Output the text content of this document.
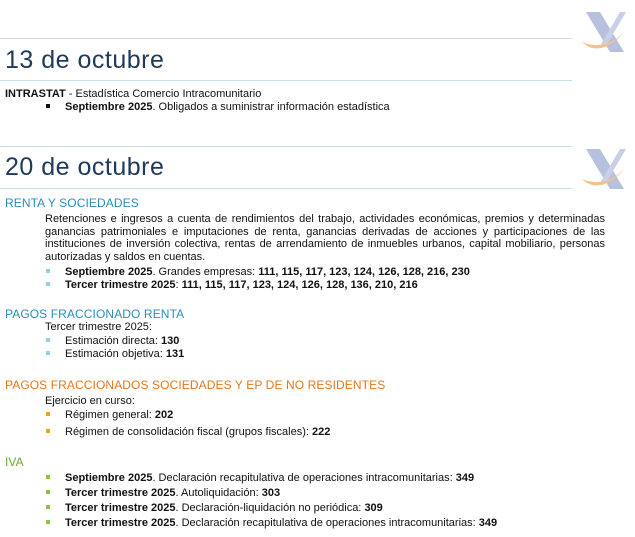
13 de octubre
INTRASTAT - Estadística Comercio Intracomunitario
Septiembre 2025. Obligados a suministrar información estadística
20 de octubre
RENTA Y SOCIEDADES
Retenciones e ingresos a cuenta de rendimientos del trabajo, actividades económicas, premios y determinadas ganancias patrimoniales e imputaciones de renta, ganancias derivadas de acciones y participaciones de las instituciones de inversión colectiva, rentas de arrendamiento de inmuebles urbanos, capital mobiliario, personas autorizadas y saldos en cuentas.
Septiembre 2025. Grandes empresas: 111, 115, 117, 123, 124, 126, 128, 216, 230
Tercer trimestre 2025: 111, 115, 117, 123, 124, 126, 128, 136, 210, 216
PAGOS FRACCIONADO RENTA
Tercer trimestre 2025:
Estimación directa: 130
Estimación objetiva: 131
PAGOS FRACCIONADOS SOCIEDADES Y EP DE NO RESIDENTES
Ejercicio en curso:
Régimen general: 202
Régimen de consolidación fiscal (grupos fiscales): 222
IVA
Septiembre 2025. Declaración recapitulativa de operaciones intracomunitarias: 349
Tercer trimestre 2025. Autoliquidación: 303
Tercer trimestre 2025. Declaración-liquidación no periódica: 309
Tercer trimestre 2025. Declaración recapitulativa de operaciones intracomunitarias: 349
